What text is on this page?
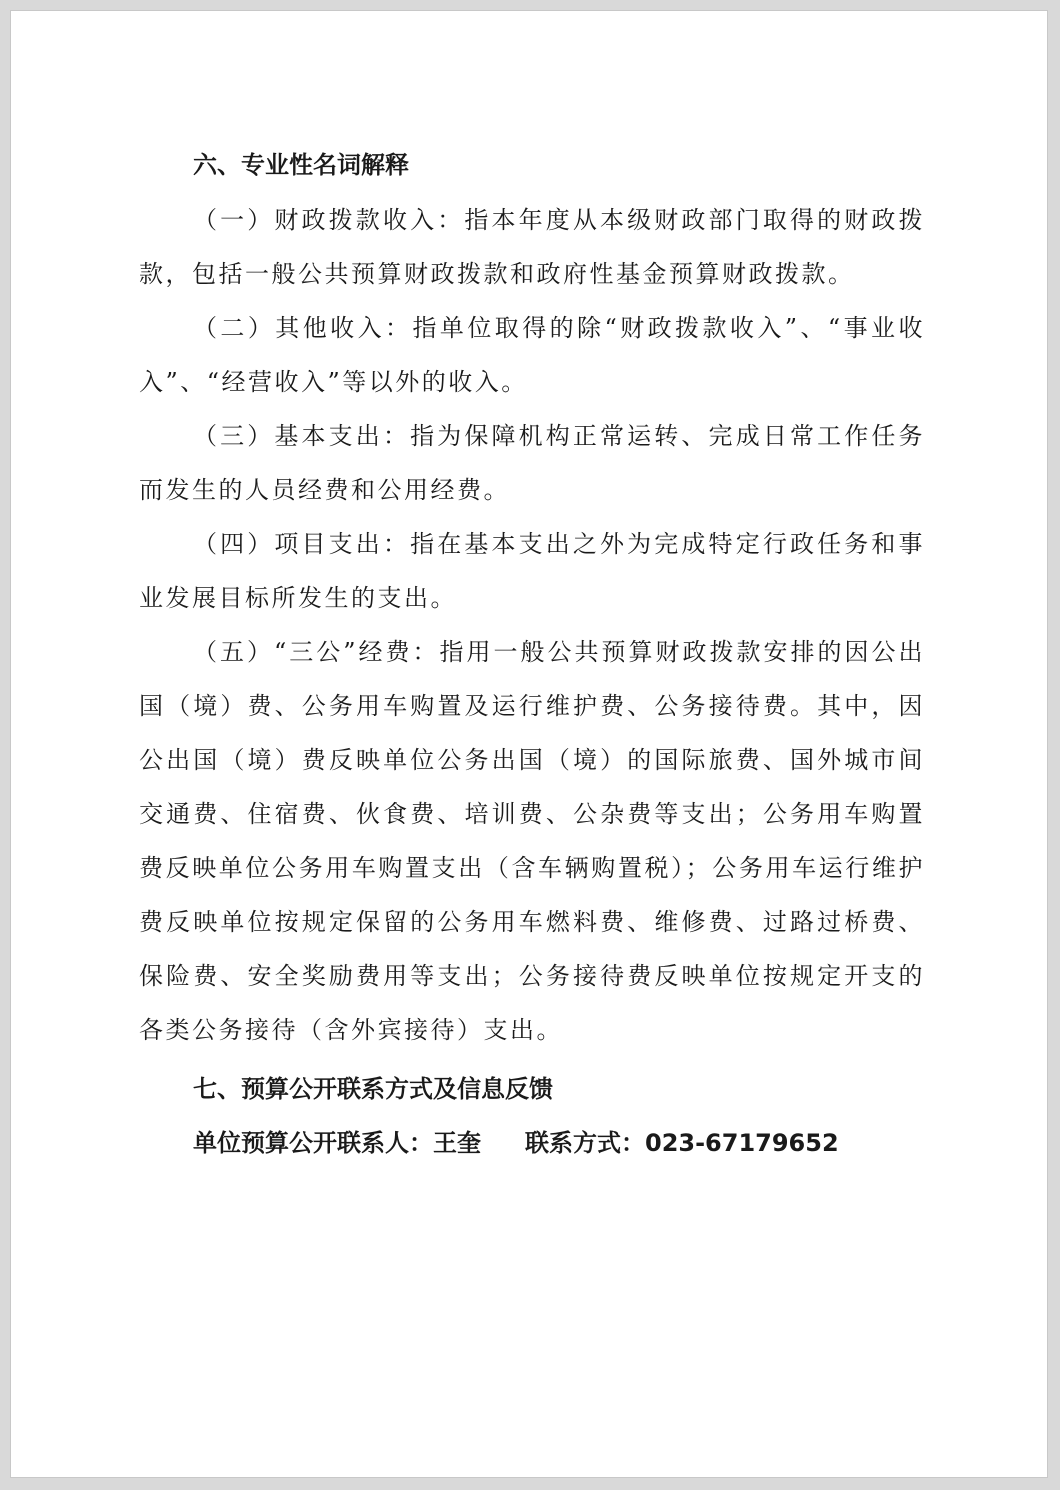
六、专业性名词解释

（一）财政拨款收入：指本年度从本级财政部门取得的财政拨款，包括一般公共预算财政拨款和政府性基金预算财政拨款。

（二）其他收入：指单位取得的除“财政拨款收入”、“事业收入”、“经营收入”等以外的收入。

（三）基本支出：指为保障机构正常运转、完成日常工作任务而发生的人员经费和公用经费。

（四）项目支出：指在基本支出之外为完成特定行政任务和事业发展目标所发生的支出。

（五）“三公”经费：指用一般公共预算财政拨款安排的因公出国（境）费、公务用车购置及运行维护费、公务接待费。其中，因公出国（境）费反映单位公务出国（境）的国际旅费、国外城市间交通费、住宿费、伙食费、培训费、公杂费等支出；公务用车购置费反映单位公务用车购置支出（含车辆购置税）；公务用车运行维护费反映单位按规定保留的公务用车燃料费、维修费、过路过桥费、保险费、安全奖励费用等支出；公务接待费反映单位按规定开支的各类公务接待（含外宾接待）支出。

七、预算公开联系方式及信息反馈
单位预算公开联系人：王奎 联系方式：023-67179652
